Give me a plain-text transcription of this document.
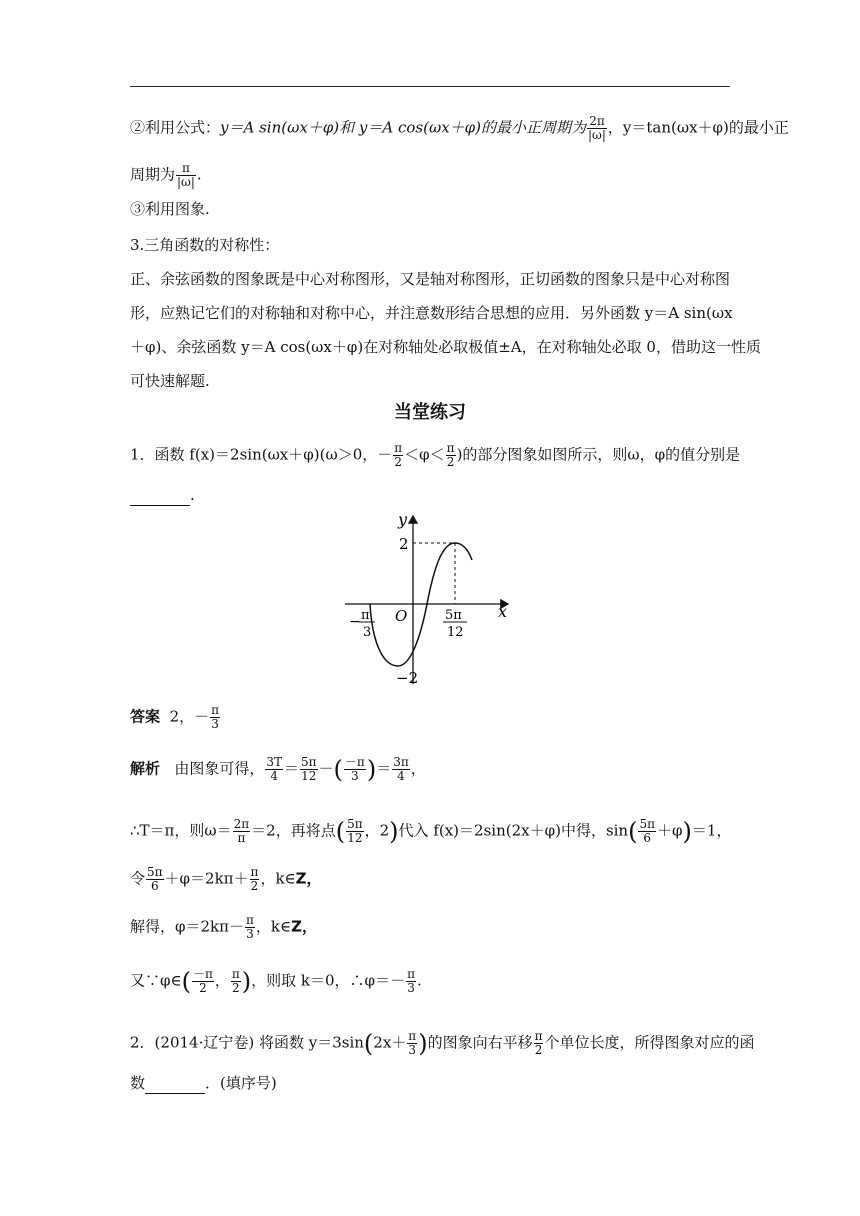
②利用公式：y＝A sin(ωx＋φ)和 y＝A cos(ωx＋φ)的最小正周期为 $\frac{2\pi}{|\omega|}$ ，y＝tan(ωx＋φ)的最小正
周期为 $\frac{\pi}{|\omega|}$ .
③利用图象.
3.三角函数的对称性：
正、余弦函数的图象既是中心对称图形，又是轴对称图形，正切函数的图象只是中心对称图
形，应熟记它们的对称轴和对称中心，并注意数形结合思想的应用．另外函数 y＝A sin(ωx
＋φ)、余弦函数 y＝A cos(ωx＋φ)在对称轴处必取极值±A，在对称轴处必取 0，借助这一性质
可快速解题.
当堂练习
1．函数 f(x)＝2sin(ωx＋φ)(ω＞0，－ $\frac{\pi}{2} <\varphi< \frac{\pi}{2}$ )的部分图象如图所示，则ω，φ的值分别是
.
y
x
O
2
−2
− π
3
5π
12
答案 2，－ $\frac{\pi}{3}$
解析 由图象可得， $\frac{3T}{4} = \frac{5\pi}{12}$ －( $\frac{-\pi}{3}$ )＝ $\frac{3\pi}{4}$ ，
∴T＝π，则$\omega= \frac{2\pi}{\pi} =2$，再将点( $\frac{5\pi}{12}$ ，2)代入 f(x)＝2sin(2x＋φ)中得，$\sin( \frac{5\pi}{6} +\varphi)=1$，
令 $\frac{5\pi}{6} +\varphi=2k\pi+ \frac{\pi}{2}$ ，k∈Z，
解得，$\varphi=2k\pi- \frac{\pi}{3}$ ，k∈Z，
又∵φ∈( $\frac{-\pi}{2}$ ， $\frac{\pi}{2}$ )，则取 k＝0，∴φ＝－ $\frac{\pi}{3}$ .
2．(2014·辽宁卷) 将函数 $y=3\sin(2x+ \frac{\pi}{3}$ )的图象向右平移 $\frac{\pi}{2}$ 个单位长度，所得图象对应的函
数	．(填序号)
